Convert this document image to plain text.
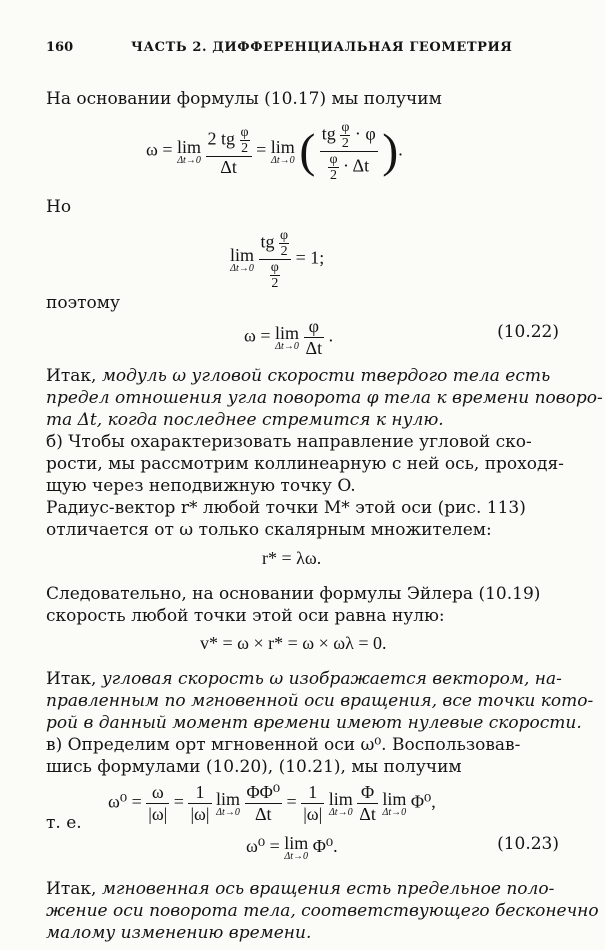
160	ЧАСТЬ 2. ДИФФЕРЕНЦИАЛЬНАЯ ГЕОМЕТРИЯ
На основании формулы (10.17) мы получим
ω = lim
Δt→0
$\frac{2 tg \frac{\varphi}{2}}{\Delta t} = \lim$
Δt→0 ( $\frac{tg \frac{\varphi}{2} \cdot \varphi}{\frac{\varphi}{2} \cdot \Delta t}$ ).
Но
lim
Δt→0
$\frac{tg \frac{\varphi}{2}}{\frac{\varphi}{2}} = 1$;
поэтому
ω = lim
Δt→0
$\frac{\varphi}{\Delta t}$ .	(10.22)
Итак, модуль ω угловой скорости твердого тела есть
предел отношения угла поворота φ тела к времени поворо-
та Δt, когда последнее стремится к нулю.
б) Чтобы охарактеризовать направление угловой ско-
рости, мы рассмотрим коллинеарную с ней ось, проходя-
щую через неподвижную точку O.
Радиус-вектор r* любой точки M* этой оси (рис. 113)
отличается от ω только скалярным множителем:
r* = λω.
Следовательно, на основании формулы Эйлера (10.19)
скорость любой точки этой оси равна нулю:
v* = ω × r* = ω × ωλ = 0.
Итак, угловая скорость ω изображается вектором, на-
правленным по мгновенной оси вращения, все точки кото-
рой в данный момент времени имеют нулевые скорости.
в) Определим орт мгновенной оси ω⁰. Воспользовав-
шись формулами (10.20), (10.21), мы получим
$\omega^0 = \frac{\omega}{|\omega|} = \frac{1}{|\omega|}$ lim
Δt→0
$\frac{\text{ΦΦ⁰}}{\Delta t} = \frac{1}{|\omega|}$ lim
Δt→0
$\frac{\Phi}{\Delta t}$ lim
Δt→0
Φ⁰,
т. е.
ω⁰ = lim
Δt→0
Φ⁰.	(10.23)
Итак, мгновенная ось вращения есть предельное поло-
жение оси поворота тела, соответствующего бесконечно
малому изменению времени.
